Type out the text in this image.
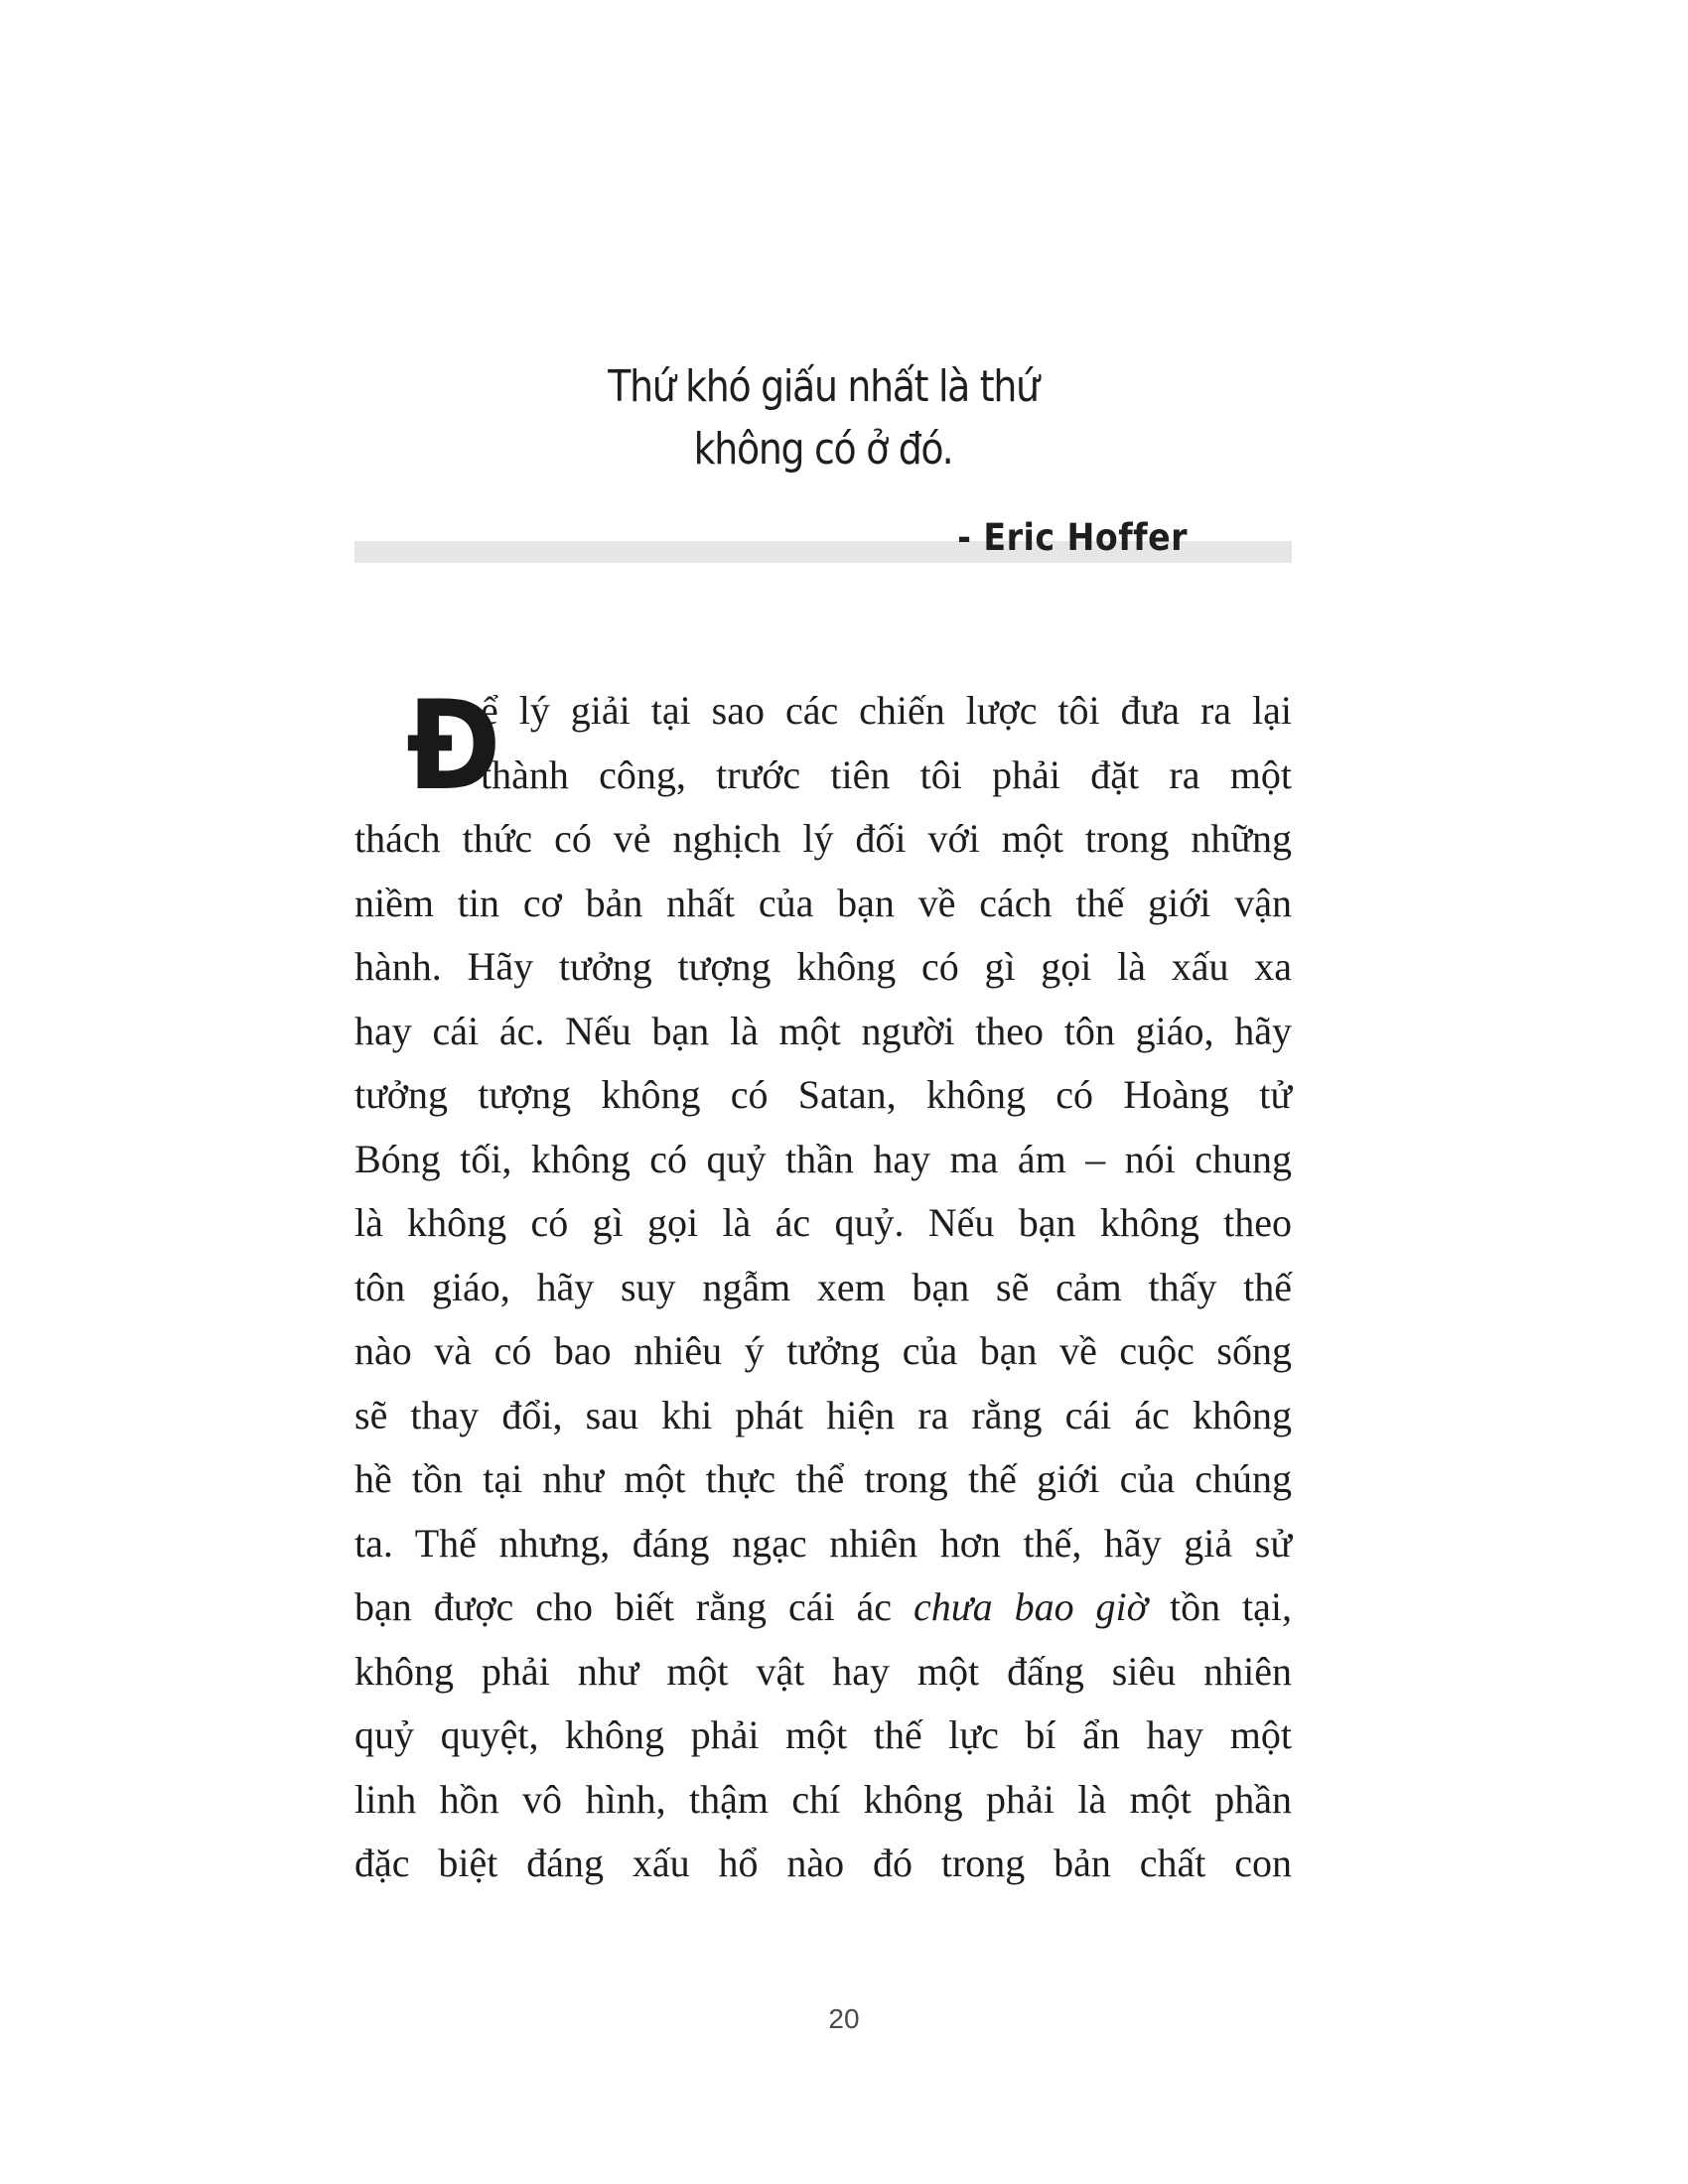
Thứ khó giấu nhất là thứ
không có ở đó.
- Eric Hoffer
Đ
ể lý giải tại sao các chiến lược tôi đưa ra lại
thành công, trước tiên tôi phải đặt ra một
thách thức có vẻ nghịch lý đối với một trong những
niềm tin cơ bản nhất của bạn về cách thế giới vận
hành. Hãy tưởng tượng không có gì gọi là xấu xa
hay cái ác. Nếu bạn là một người theo tôn giáo, hãy
tưởng tượng không có Satan, không có Hoàng tử
Bóng tối, không có quỷ thần hay ma ám – nói chung
là không có gì gọi là ác quỷ. Nếu bạn không theo
tôn giáo, hãy suy ngẫm xem bạn sẽ cảm thấy thế
nào và có bao nhiêu ý tưởng của bạn về cuộc sống
sẽ thay đổi, sau khi phát hiện ra rằng cái ác không
hề tồn tại như một thực thể trong thế giới của chúng
ta. Thế nhưng, đáng ngạc nhiên hơn thế, hãy giả sử
bạn được cho biết rằng cái ác chưa bao giờ tồn tại,
không phải như một vật hay một đấng siêu nhiên
quỷ quyệt, không phải một thế lực bí ẩn hay một
linh hồn vô hình, thậm chí không phải là một phần
đặc biệt đáng xấu hổ nào đó trong bản chất con
20
